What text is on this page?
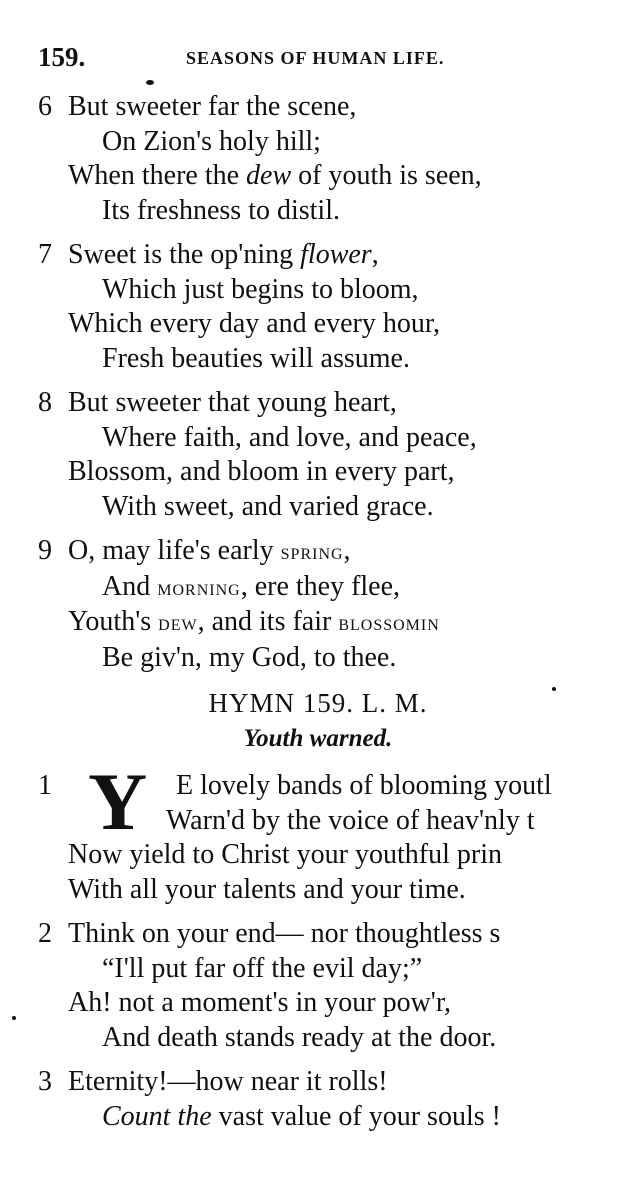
159.	SEASONS OF HUMAN LIFE.
6 But sweeter far the scene,
On Zion's holy hill;
When there the dew of youth is seen,
Its freshness to distil.
7 Sweet is the op'ning flower,
Which just begins to bloom,
Which every day and every hour,
Fresh beauties will assume.
8 But sweeter that young heart,
Where faith, and love, and peace,
Blossom, and bloom in every part,
With sweet, and varied grace.
9 O, may life's early spring,
And morning, ere they flee,
Youth's dew, and its fair blossomin
Be giv'n, my God, to thee.
HYMN 159. L. M.
Youth warned.
Y
1	E lovely bands of blooming youtl
Warn'd by the voice of heav'nly t
Now yield to Christ your youthful prin
With all your talents and your time.
2 Think on your end— nor thoughtless s
“I'll put far off the evil day;”
Ah! not a moment's in your pow'r,
And death stands ready at the door.
3 Eternity!—how near it rolls!
Count the vast value of your souls !
